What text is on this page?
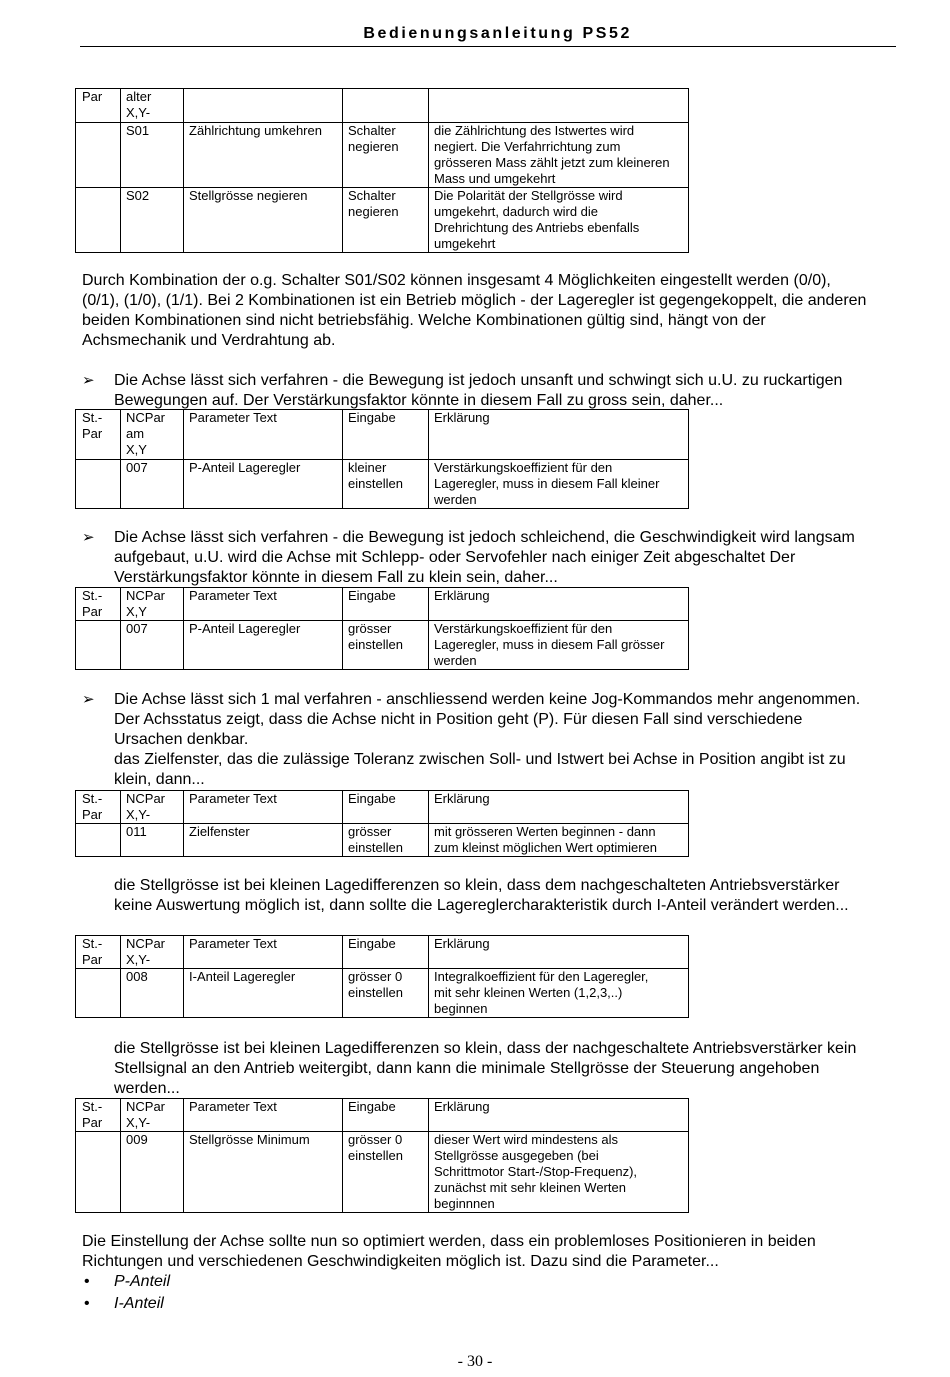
Bedienungsanleitung PS52
Par	alter
X,Y-			
	S01	Zählrichtung umkehren	Schalter
negieren	die Zählrichtung des Istwertes wird
negiert. Die Verfahrrichtung zum
grösseren Mass zählt jetzt zum kleineren
Mass und umgekehrt
	S02	Stellgrösse negieren	Schalter
negieren	Die Polarität der Stellgrösse wird
umgekehrt, dadurch wird die
Drehrichtung des Antriebs ebenfalls
umgekehrt

Durch Kombination der o.g. Schalter S01/S02 können insgesamt 4 Möglichkeiten eingestellt werden (0/0), (0/1), (1/0), (1/1). Bei 2 Kombinationen ist ein Betrieb möglich - der Lageregler ist gegengekoppelt, die anderen beiden Kombinationen sind nicht betriebsfähig. Welche Kombinationen gültig sind, hängt von der Achsmechanik und Verdrahtung ab.

➢ Die Achse lässt sich verfahren - die Bewegung ist jedoch unsanft und schwingt sich u.U. zu ruckartigen Bewegungen auf. Der Verstärkungsfaktor könnte in diesem Fall zu gross sein, daher...

St.-
Par	NCPar
am
X,Y	Parameter Text	Eingabe	Erklärung
	007	P-Anteil Lageregler	kleiner
einstellen	Verstärkungskoeffizient für den
Lageregler, muss in diesem Fall kleiner
werden
➢ Die Achse lässt sich verfahren - die Bewegung ist jedoch schleichend, die Geschwindigkeit wird langsam aufgebaut, u.U. wird die Achse mit Schlepp- oder Servofehler nach einiger Zeit abgeschaltet Der Verstärkungsfaktor könnte in diesem Fall zu klein sein, daher...

St.-
Par	NCPar
X,Y	Parameter Text	Eingabe	Erklärung
	007	P-Anteil Lageregler	grösser
einstellen	Verstärkungskoeffizient für den
Lageregler, muss in diesem Fall grösser
werden
➢ Die Achse lässt sich 1 mal verfahren - anschliessend werden keine Jog-Kommandos mehr angenommen. Der Achsstatus zeigt, dass die Achse nicht in Position geht (P). Für diesen Fall sind verschiedene Ursachen denkbar.

das Zielfenster, das die zulässige Toleranz zwischen Soll- und Istwert bei Achse in Position angibt ist zu klein, dann...

St.-
Par	NCPar
X,Y-	Parameter Text	Eingabe	Erklärung
	011	Zielfenster	grösser
einstellen	mit grösseren Werten beginnen - dann
zum kleinst möglichen Wert optimieren

die Stellgrösse ist bei kleinen Lagedifferenzen so klein, dass dem nachgeschalteten Antriebsverstärker keine Auswertung möglich ist, dann sollte die Lagereglercharakteristik durch I-Anteil verändert werden...

St.-
Par	NCPar
X,Y-	Parameter Text	Eingabe	Erklärung
	008	I-Anteil Lageregler	grösser 0
einstellen	Integralkoeffizient für den Lageregler,
mit sehr kleinen Werten (1,2,3,..)
beginnen

die Stellgrösse ist bei kleinen Lagedifferenzen so klein, dass der nachgeschaltete Antriebsverstärker kein Stellsignal an den Antrieb weitergibt, dann kann die minimale Stellgrösse der Steuerung angehoben werden...

St.-
Par	NCPar
X,Y-	Parameter Text	Eingabe	Erklärung
	009	Stellgrösse Minimum	grösser 0
einstellen	dieser Wert wird mindestens als
Stellgrösse ausgegeben (bei
Schrittmotor Start-/Stop-Frequenz),
zunächst mit sehr kleinen Werten
beginnnen

Die Einstellung der Achse sollte nun so optimiert werden, dass ein problemloses Positionieren in beiden Richtungen und verschiedenen Geschwindigkeiten möglich ist. Dazu sind die Parameter...

• P-Anteil
• I-Anteil
- 30 -
